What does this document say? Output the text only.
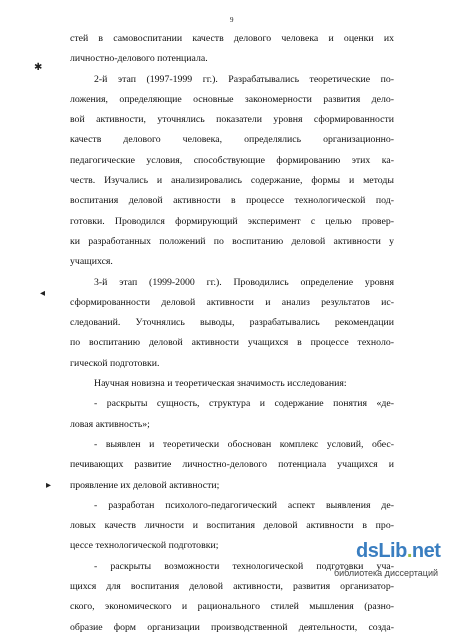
9
стей в самовоспитании качеств делового человека и оценки их
личностно-делового потенциала.
2-й этап (1997-1999 гг.). Разрабатывались теоретические по-
ложения, определяющие основные закономерности развития дело-
вой активности, уточнялись показатели уровня сформированности
качеств делового человека, определялись организационно-
педагогические условия, способствующие формированию этих ка-
честв. Изучались и анализировались содержание, формы и методы
воспитания деловой активности в процессе технологической под-
готовки. Проводился формирующий эксперимент с целью провер-
ки разработанных положений по воспитанию деловой активности у
учащихся.
3-й этап (1999-2000 гг.). Проводились определение уровня
сформированности деловой активности и анализ результатов ис-
следований. Уточнялись выводы, разрабатывались рекомендации
по воспитанию деловой активности учащихся в процессе техноло-
гической подготовки.
Научная новизна и теоретическая значимость исследования:
- раскрыты сущность, структура и содержание понятия «де-
ловая активность»;
- выявлен и теоретически обоснован комплекс условий, обес-
печивающих развитие личностно-делового потенциала учащихся и
проявление их деловой активности;
- разработан психолого-педагогический аспект выявления де-
ловых качеств личности и воспитания деловой активности в про-
цессе технологической подготовки;
- раскрыты возможности технологической подготовки уча-
щихся для воспитания деловой активности, развития организатор-
ского, экономического и рационального стилей мышления (разно-
образие форм организации производственной деятельности, созда-
✱
◂
▸
dsLib.net
библиотека диссертаций
